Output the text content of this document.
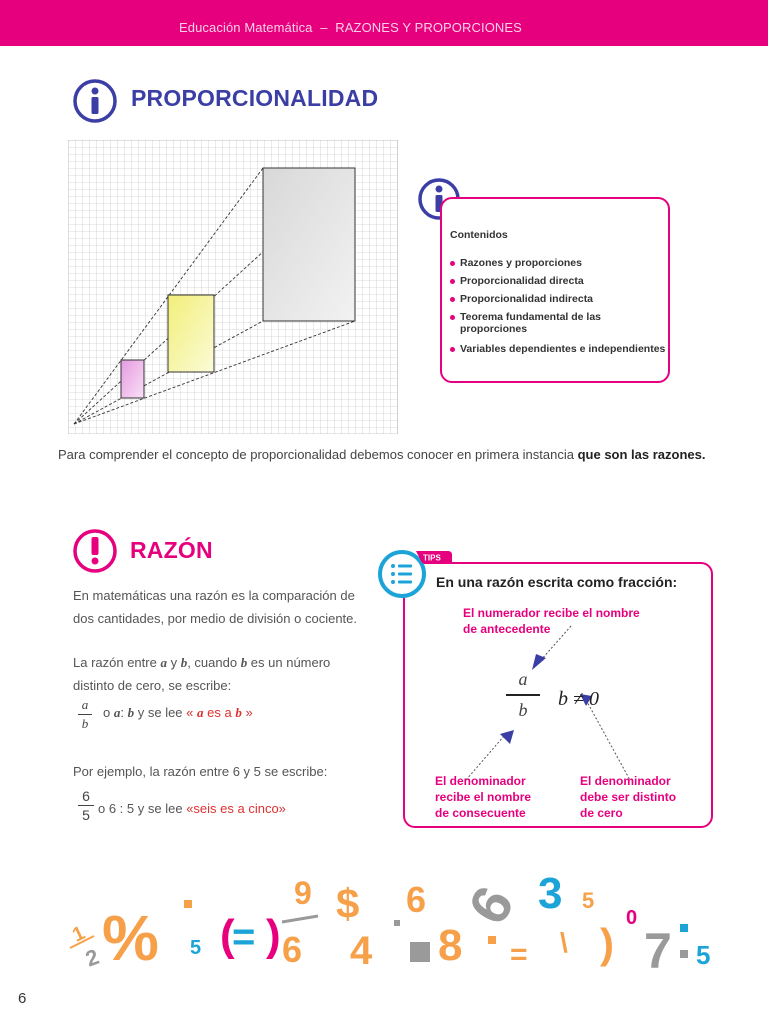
Educación Matemática – RAZONES Y PROPORCIONES
PROPORCIONALIDAD
Contenidos
Razones y proporciones
Proporcionalidad directa
Proporcionalidad indirecta
Teorema fundamental de las proporciones
Variables dependientes e independientes
Para comprender el concepto de proporcionalidad debemos conocer en primera instancia que son las razones.
RAZÓN
En matemáticas una razón es la comparación de
dos cantidades, por medio de división o cociente.
La razón entre a y b, cuando b es un número
distinto de cero, se escribe:
a
b
o a: b y se lee « a es a b »
Por ejemplo, la razón entre 6 y 5 se escribe:
6
5 o 6 : 5 y se lee «seis es a cinco»
TIPS
En una razón escrita como fracción:
El numerador recibe el nombre
de antecedente
a
b	b ≠ 0
El denominador
recibe el nombre
de consecuente
El denominador
debe ser distinto
de cero
1
2 % 5 (
= )
9
6
$
4
6
8 =
6 3 5
\ )
0
7 5
6
